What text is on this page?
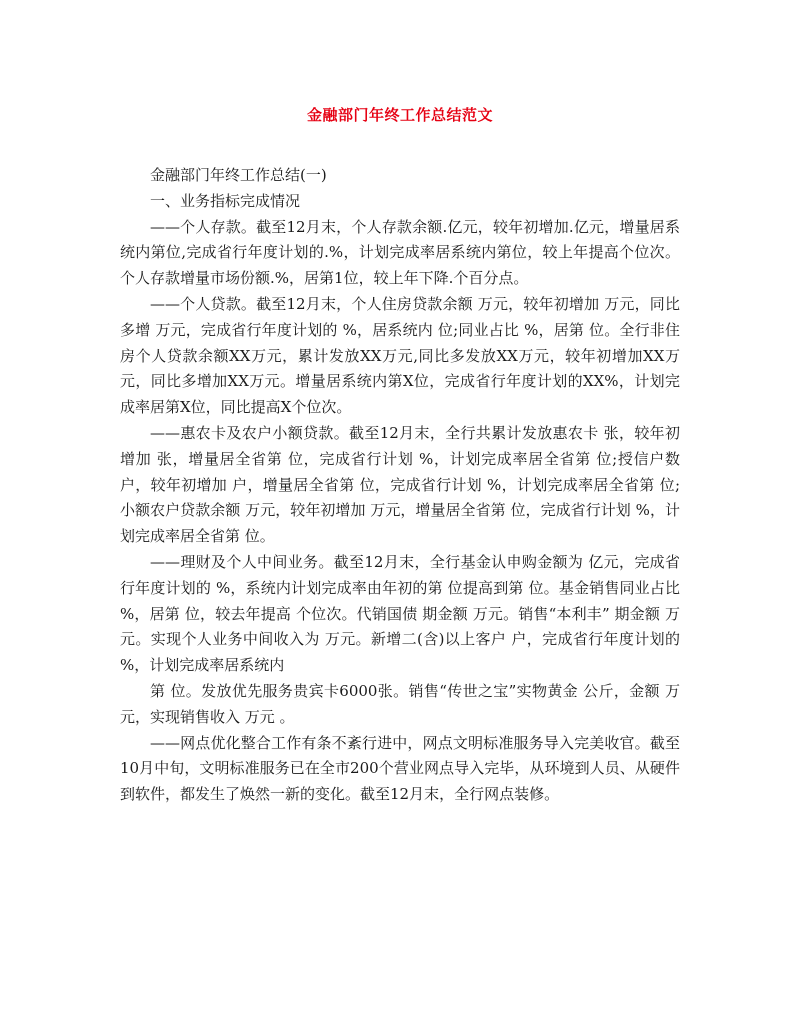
金融部门年终工作总结范文

金融部门年终工作总结(一)

一、业务指标完成情况

——个人存款。截至12月末，个人存款余额.亿元，较年初增加.亿元，增量居系统内第位,完成省行年度计划的.%，计划完成率居系统内第位，较上年提高个位次。个人存款增量市场份额.%，居第1位，较上年下降.个百分点。

——个人贷款。截至12月末，个人住房贷款余额 万元，较年初增加 万元，同比多增 万元，完成省行年度计划的 %，居系统内 位;同业占比 %，居第 位。全行非住房个人贷款余额XX万元，累计发放XX万元,同比多发放XX万元，较年初增加XX万元，同比多增加XX万元。增量居系统内第X位，完成省行年度计划的XX%，计划完成率居第X位，同比提高X个位次。

——惠农卡及农户小额贷款。截至12月末，全行共累计发放惠农卡 张，较年初增加 张，增量居全省第 位，完成省行计划 %，计划完成率居全省第 位;授信户数 户，较年初增加 户，增量居全省第 位，完成省行计划 %，计划完成率居全省第 位;小额农户贷款余额 万元，较年初增加 万元，增量居全省第 位，完成省行计划 %，计划完成率居全省第 位。

——理财及个人中间业务。截至12月末，全行基金认申购金额为 亿元，完成省行年度计划的 %，系统内计划完成率由年初的第 位提高到第 位。基金销售同业占比 %，居第 位，较去年提高 个位次。代销国债 期金额 万元。销售“本利丰” 期金额 万元。实现个人业务中间收入为 万元。新增二(含)以上客户 户，完成省行年度计划的 %，计划完成率居系统内

第 位。发放优先服务贵宾卡6000张。销售“传世之宝”实物黄金 公斤，金额 万元，实现销售收入 万元 。

——网点优化整合工作有条不紊行进中，网点文明标准服务导入完美收官。截至10月中旬，文明标准服务已在全市200个营业网点导入完毕，从环境到人员、从硬件到软件，都发生了焕然一新的变化。截至12月末，全行网点装修。
